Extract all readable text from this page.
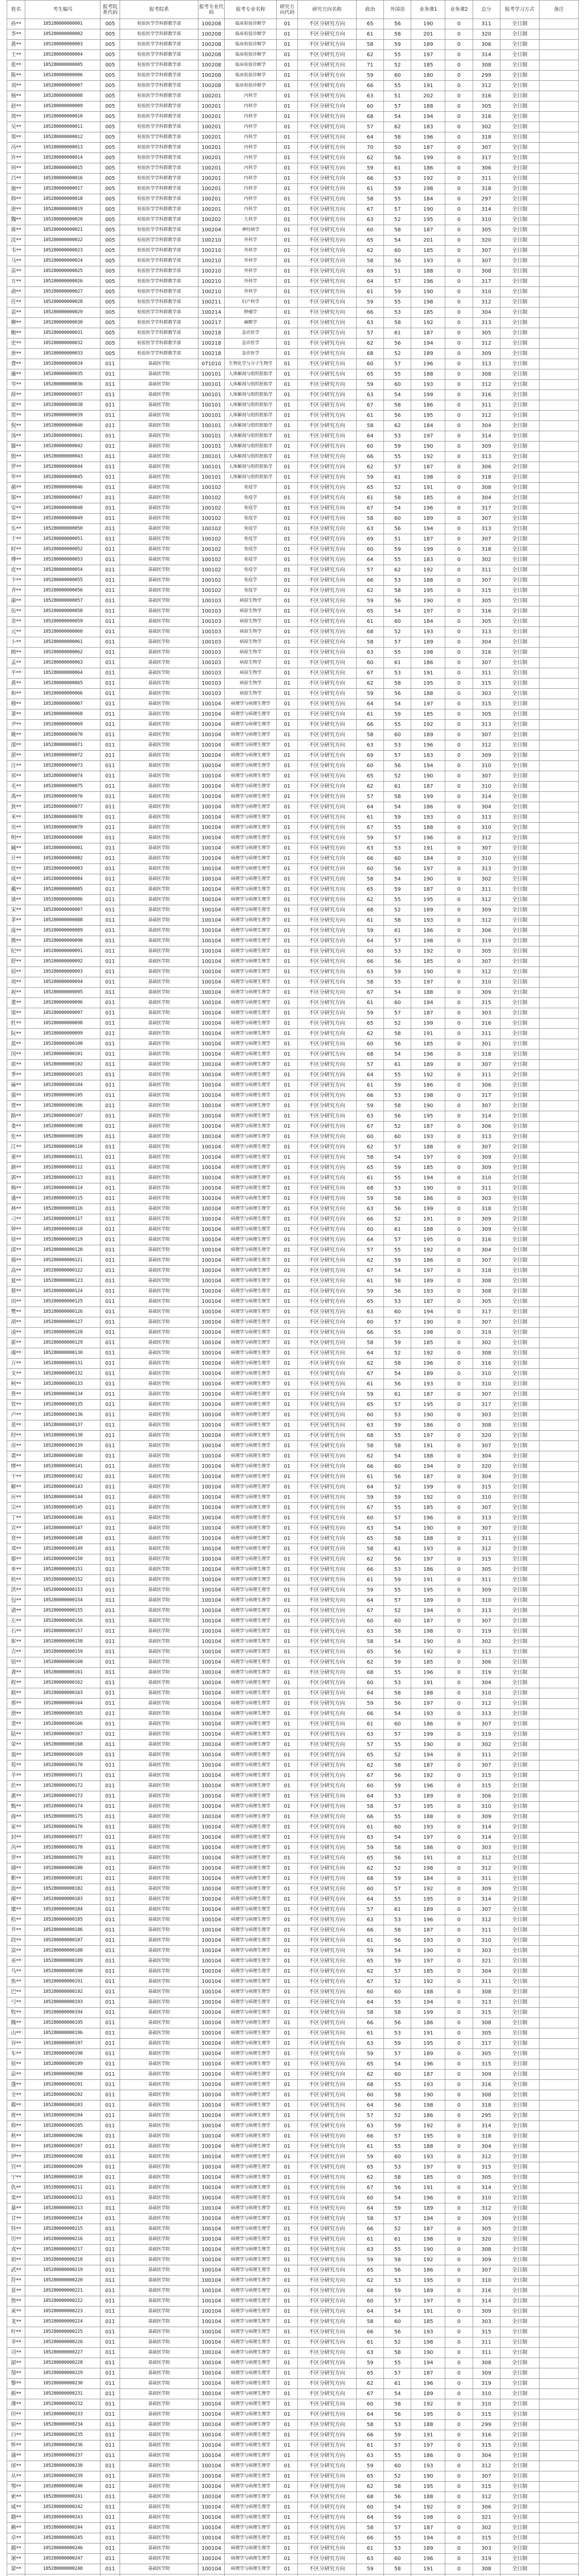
姓名	考生编号	报考院系代码	报考院系	报考专业代码	报考专业名称	研究方向代码	研究方向名称	政治	外国语	业务课1	业务课2	总分	报考学习方式	备注
孙**	105280000000001	005	检验医学学科群教学部	100208	临床检验诊断学	01	不区分研究方向	65	56	190	0	311	全日制	
李**	105280000000002	005	检验医学学科群教学部	100208	临床检验诊断学	01	不区分研究方向	61	58	201	0	320	全日制	
黄**	105280000000003	005	检验医学学科群教学部	100208	临床检验诊断学	01	不区分研究方向	58	59	189	0	306	全日制	
王**	105280000000004	005	检验医学学科群教学部	100208	临床检验诊断学	01	不区分研究方向	62	55	197	0	314	全日制	
张**	105280000000005	005	检验医学学科群教学部	100208	临床检验诊断学	01	不区分研究方向	71	52	185	0	308	全日制	
陈**	105280000000006	005	检验医学学科群教学部	100208	临床检验诊断学	01	不区分研究方向	59	60	180	0	299	全日制	
刘**	105280000000007	005	检验医学学科群教学部	100208	临床检验诊断学	01	不区分研究方向	66	55	191	0	312	全日制	
杨**	105280000000008	005	检验医学学科群教学部	100201	内科学	01	不区分研究方向	63	51	202	0	316	全日制	
赵**	105280000000009	005	检验医学学科群教学部	100201	内科学	01	不区分研究方向	60	57	188	0	305	全日制	
周**	105280000000010	005	检验医学学科群教学部	100201	内科学	01	不区分研究方向	68	54	194	0	316	全日制	
吴**	105280000000011	005	检验医学学科群教学部	100201	内科学	01	不区分研究方向	57	62	183	0	302	全日制	
郑**	105280000000012	005	检验医学学科群教学部	100201	内科学	01	不区分研究方向	64	58	196	0	318	全日制	
冯**	105280000000013	005	检验医学学科群教学部	100201	内科学	01	不区分研究方向	70	50	187	0	307	全日制	
许**	105280000000014	005	检验医学学科群教学部	100201	内科学	01	不区分研究方向	62	56	199	0	317	全日制	
何**	105280000000015	005	检验医学学科群教学部	100201	内科学	01	不区分研究方向	59	61	186	0	306	全日制	
吕**	105280000000016	005	检验医学学科群教学部	100201	内科学	01	不区分研究方向	66	53	192	0	311	全日制	
施**	105280000000017	005	检验医学学科群教学部	100201	内科学	01	不区分研究方向	61	59	198	0	318	全日制	
韩**	105280000000018	005	检验医学学科群教学部	100201	内科学	01	不区分研究方向	58	55	184	0	297	全日制	
唐**	105280000000019	005	检验医学学科群教学部	100201	内科学	01	不区分研究方向	67	57	190	0	314	全日制	
魏**	105280000000020	005	检验医学学科群教学部	100202	儿科学	01	不区分研究方向	63	52	195	0	310	全日制	
蒋**	105280000000021	005	检验医学学科群教学部	100204	神经病学	01	不区分研究方向	60	58	187	0	305	全日制	
沈**	105280000000022	005	检验医学学科群教学部	100210	外科学	01	不区分研究方向	65	54	201	0	320	全日制	
韦**	105280000000023	005	检验医学学科群教学部	100210	外科学	01	不区分研究方向	62	60	185	0	307	全日制	
马**	105280000000024	005	检验医学学科群教学部	100210	外科学	01	不区分研究方向	58	56	193	0	307	全日制	
苗**	105280000000025	005	检验医学学科群教学部	100210	外科学	01	不区分研究方向	69	51	188	0	308	全日制	
方**	105280000000026	005	检验医学学科群教学部	100210	外科学	01	不区分研究方向	64	57	196	0	317	全日制	
俞**	105280000000027	005	检验医学学科群教学部	100210	外科学	01	不区分研究方向	61	59	190	0	310	全日制	
任**	105280000000028	005	检验医学学科群教学部	100211	妇产科学	01	不区分研究方向	59	55	198	0	312	全日制	
袁**	105280000000029	005	检验医学学科群教学部	100214	肿瘤学	01	不区分研究方向	66	53	185	0	304	全日制	
柳**	105280000000030	005	检验医学学科群教学部	100217	麻醉学	01	不区分研究方向	63	58	192	0	313	全日制	
鲍**	105280000000031	005	检验医学学科群教学部	100218	急诊医学	01	不区分研究方向	57	61	187	0	305	全日制	
史**	105280000000032	005	检验医学学科群教学部	100218	急诊医学	01	不区分研究方向	62	56	194	0	312	全日制	
唐**	105280000000033	005	检验医学学科群教学部	100218	急诊医学	01	不区分研究方向	68	52	189	0	309	全日制	
费**	105280000000034	011	基础医学院	071010	生物化学与分子生物学	01	不区分研究方向	60	57	196	0	313	全日制	
廉**	105280000000035	011	基础医学院	100101	人体解剖与组织胚胎学	01	不区分研究方向	65	55	188	0	308	全日制	
岑**	105280000000036	011	基础医学院	100101	人体解剖与组织胚胎学	01	不区分研究方向	59	60	193	0	312	全日制	
薛**	105280000000037	011	基础医学院	100101	人体解剖与组织胚胎学	01	不区分研究方向	63	54	199	0	316	全日制	
雷**	105280000000038	011	基础医学院	100101	人体解剖与组织胚胎学	01	不区分研究方向	67	58	186	0	311	全日制	
贺**	105280000000039	011	基础医学院	100101	人体解剖与组织胚胎学	01	不区分研究方向	61	56	195	0	312	全日制	
倪**	105280000000040	011	基础医学院	100101	人体解剖与组织胚胎学	01	不区分研究方向	58	62	184	0	304	全日制	
汤**	105280000000041	011	基础医学院	100101	人体解剖与组织胚胎学	01	不区分研究方向	64	53	197	0	314	全日制	
滕**	105280000000042	011	基础医学院	100101	人体解剖与组织胚胎学	01	不区分研究方向	60	59	190	0	309	全日制	
殷**	105280000000043	011	基础医学院	100101	人体解剖与组织胚胎学	01	不区分研究方向	66	55	192	0	313	全日制	
罗**	105280000000044	011	基础医学院	100101	人体解剖与组织胚胎学	01	不区分研究方向	62	57	187	0	306	全日制	
毕**	105280000000045	011	基础医学院	100101	人体解剖与组织胚胎学	01	不区分研究方向	59	61	198	0	318	全日制	
郝**	105280000000046	011	基础医学院	100102	免疫学	01	不区分研究方向	65	52	191	0	308	全日制	
邬**	105280000000047	011	基础医学院	100102	免疫学	01	不区分研究方向	61	58	185	0	304	全日制	
安**	105280000000048	011	基础医学院	100102	免疫学	01	不区分研究方向	67	54	196	0	317	全日制	
常**	105280000000049	011	基础医学院	100102	免疫学	01	不区分研究方向	58	60	189	0	307	全日制	
乐**	105280000000050	011	基础医学院	100102	免疫学	01	不区分研究方向	63	56	194	0	313	全日制	
于**	105280000000051	011	基础医学院	100102	免疫学	01	不区分研究方向	69	51	187	0	307	全日制	
时**	105280000000052	011	基础医学院	100102	免疫学	01	不区分研究方向	60	59	199	0	318	全日制	
傅**	105280000000053	011	基础医学院	100102	免疫学	01	不区分研究方向	64	55	183	0	302	全日制	
皮**	105280000000054	011	基础医学院	100102	免疫学	01	不区分研究方向	57	62	192	0	311	全日制	
卞**	105280000000055	011	基础医学院	100102	免疫学	01	不区分研究方向	66	53	188	0	307	全日制	
齐**	105280000000056	011	基础医学院	100102	免疫学	01	不区分研究方向	62	58	195	0	315	全日制	
康**	105280000000057	011	基础医学院	100103	病原生物学	01	不区分研究方向	59	56	190	0	305	全日制	
伍**	105280000000058	011	基础医学院	100103	病原生物学	01	不区分研究方向	65	54	197	0	316	全日制	
余**	105280000000059	011	基础医学院	100103	病原生物学	01	不区分研究方向	61	60	184	0	305	全日制	
元**	105280000000060	011	基础医学院	100103	病原生物学	01	不区分研究方向	68	52	193	0	313	全日制	
卜**	105280000000061	011	基础医学院	100103	病原生物学	01	不区分研究方向	58	57	189	0	304	全日制	
顾**	105280000000062	011	基础医学院	100103	病原生物学	01	不区分研究方向	63	55	198	0	316	全日制	
孟**	105280000000063	011	基础医学院	100103	病原生物学	01	不区分研究方向	60	61	186	0	307	全日制	
平**	105280000000064	011	基础医学院	100103	病原生物学	01	不区分研究方向	67	53	191	0	311	全日制	
黄**	105280000000065	011	基础医学院	100103	病原生物学	01	不区分研究方向	62	58	195	0	315	全日制	
和**	105280000000066	011	基础医学院	100103	病原生物学	01	不区分研究方向	59	56	188	0	303	全日制	
穆**	105280000000067	011	基础医学院	100104	病理学与病理生理学	01	不区分研究方向	64	54	197	0	315	全日制	
萧**	105280000000068	011	基础医学院	100104	病理学与病理生理学	01	不区分研究方向	61	59	185	0	305	全日制	
尹**	105280000000069	011	基础医学院	100104	病理学与病理生理学	01	不区分研究方向	66	55	192	0	313	全日制	
姚**	105280000000070	011	基础医学院	100104	病理学与病理生理学	01	不区分研究方向	58	60	189	0	307	全日制	
邵**	105280000000071	011	基础医学院	100104	病理学与病理生理学	01	不区分研究方向	63	53	196	0	312	全日制	
湛**	105280000000072	011	基础医学院	100104	病理学与病理生理学	01	不区分研究方向	69	57	183	0	309	全日制	
汪**	105280000000073	011	基础医学院	100104	病理学与病理生理学	01	不区分研究方向	60	56	194	0	310	全日制	
祁**	105280000000074	011	基础医学院	100104	病理学与病理生理学	01	不区分研究方向	65	52	190	0	307	全日制	
毛**	105280000000075	011	基础医学院	100104	病理学与病理生理学	01	不区分研究方向	62	61	187	0	310	全日制	
禹**	105280000000076	011	基础医学院	100104	病理学与病理生理学	01	不区分研究方向	57	58	199	0	314	全日制	
狄**	105280000000077	011	基础医学院	100104	病理学与病理生理学	01	不区分研究方向	64	54	186	0	304	全日制	
米**	105280000000078	011	基础医学院	100104	病理学与病理生理学	01	不区分研究方向	61	59	193	0	313	全日制	
贝**	105280000000079	011	基础医学院	100104	病理学与病理生理学	01	不区分研究方向	67	55	188	0	310	全日制	
明**	105280000000080	011	基础医学院	100104	病理学与病理生理学	01	不区分研究方向	59	57	196	0	312	全日制	
臧**	105280000000081	011	基础医学院	100104	病理学与病理生理学	01	不区分研究方向	63	53	191	0	307	全日制	
计**	105280000000082	011	基础医学院	100104	病理学与病理生理学	01	不区分研究方向	66	60	184	0	310	全日制	
伏**	105280000000083	011	基础医学院	100104	病理学与病理生理学	01	不区分研究方向	60	56	197	0	313	全日制	
成**	105280000000084	011	基础医学院	100104	病理学与病理生理学	01	不区分研究方向	58	54	190	0	302	全日制	
戴**	105280000000085	011	基础医学院	100104	病理学与病理生理学	01	不区分研究方向	65	59	187	0	311	全日制	
谈**	105280000000086	011	基础医学院	100104	病理学与病理生理学	01	不区分研究方向	62	55	195	0	312	全日制	
宋**	105280000000087	011	基础医学院	100104	病理学与病理生理学	01	不区分研究方向	68	52	189	0	309	全日制	
茅**	105280000000088	011	基础医学院	100104	病理学与病理生理学	01	不区分研究方向	61	58	193	0	312	全日制	
庞**	105280000000089	011	基础医学院	100104	病理学与病理生理学	01	不区分研究方向	59	61	186	0	306	全日制	
熊**	105280000000090	011	基础医学院	100104	病理学与病理生理学	01	不区分研究方向	64	57	198	0	319	全日制	
纪**	105280000000091	011	基础医学院	100104	病理学与病理生理学	01	不区分研究方向	60	53	192	0	305	全日制	
舒**	105280000000092	011	基础医学院	100104	病理学与病理生理学	01	不区分研究方向	66	56	185	0	307	全日制	
屈**	105280000000093	011	基础医学院	100104	病理学与病理生理学	01	不区分研究方向	63	59	190	0	312	全日制	
项**	105280000000094	011	基础医学院	100104	病理学与病理生理学	01	不区分研究方向	58	55	197	0	310	全日制	
祝**	105280000000095	011	基础医学院	100104	病理学与病理生理学	01	不区分研究方向	67	54	188	0	309	全日制	
董**	105280000000096	011	基础医学院	100104	病理学与病理生理学	01	不区分研究方向	61	60	194	0	315	全日制	
梁**	105280000000097	011	基础医学院	100104	病理学与病理生理学	01	不区分研究方向	59	57	187	0	303	全日制	
杜**	105280000000098	011	基础医学院	100104	病理学与病理生理学	01	不区分研究方向	65	52	199	0	316	全日制	
阮**	105280000000099	011	基础医学院	100104	病理学与病理生理学	01	不区分研究方向	62	58	191	0	311	全日制	
蓝**	105280000000100	011	基础医学院	100104	病理学与病理生理学	01	不区分研究方向	60	56	185	0	301	全日制	
闵**	105280000000101	011	基础医学院	100104	病理学与病理生理学	01	不区分研究方向	68	54	196	0	318	全日制	
席**	105280000000102	011	基础医学院	100104	病理学与病理生理学	01	不区分研究方向	57	61	189	0	307	全日制	
季**	105280000000103	011	基础医学院	100104	病理学与病理生理学	01	不区分研究方向	64	55	192	0	311	全日制	
麻**	105280000000104	011	基础医学院	100104	病理学与病理生理学	01	不区分研究方向	61	59	186	0	306	全日制	
强**	105280000000105	011	基础医学院	100104	病理学与病理生理学	01	不区分研究方向	66	53	198	0	317	全日制	
贾**	105280000000106	011	基础医学院	100104	病理学与病理生理学	01	不区分研究方向	59	58	190	0	307	全日制	
路**	105280000000107	011	基础医学院	100104	病理学与病理生理学	01	不区分研究方向	63	56	195	0	314	全日制	
娄**	105280000000108	011	基础医学院	100104	病理学与病理生理学	01	不区分研究方向	67	52	187	0	306	全日制	
危**	105280000000109	011	基础医学院	100104	病理学与病理生理学	01	不区分研究方向	60	60	193	0	313	全日制	
江**	105280000000110	011	基础医学院	100104	病理学与病理生理学	01	不区分研究方向	62	57	188	0	307	全日制	
童**	105280000000111	011	基础医学院	100104	病理学与病理生理学	01	不区分研究方向	58	54	197	0	309	全日制	
颜**	105280000000112	011	基础医学院	100104	病理学与病理生理学	01	不区分研究方向	65	59	185	0	309	全日制	
郭**	105280000000113	011	基础医学院	100104	病理学与病理生理学	01	不区分研究方向	61	55	194	0	310	全日制	
梅**	105280000000114	011	基础医学院	100104	病理学与病理生理学	01	不区分研究方向	68	53	190	0	311	全日制	
盛**	105280000000115	011	基础医学院	100104	病理学与病理生理学	01	不区分研究方向	59	58	186	0	303	全日制	
林**	105280000000116	011	基础医学院	100104	病理学与病理生理学	01	不区分研究方向	63	56	199	0	318	全日制	
刁**	105280000000117	011	基础医学院	100104	病理学与病理生理学	01	不区分研究方向	66	52	191	0	309	全日制	
钟**	105280000000118	011	基础医学院	100104	病理学与病理生理学	01	不区分研究方向	60	61	188	0	309	全日制	
徐**	105280000000119	011	基础医学院	100104	病理学与病理生理学	01	不区分研究方向	64	57	195	0	316	全日制	
邱**	105280000000120	011	基础医学院	100104	病理学与病理生理学	01	不区分研究方向	57	55	192	0	304	全日制	
骆**	105280000000121	011	基础医学院	100104	病理学与病理生理学	01	不区分研究方向	62	59	186	0	307	全日制	
高**	105280000000122	011	基础医学院	100104	病理学与病理生理学	01	不区分研究方向	67	54	197	0	318	全日制	
夏**	105280000000123	011	基础医学院	100104	病理学与病理生理学	01	不区分研究方向	61	58	189	0	308	全日制	
蔡**	105280000000124	011	基础医学院	100104	病理学与病理生理学	01	不区分研究方向	59	56	193	0	308	全日制	
田**	105280000000125	011	基础医学院	100104	病理学与病理生理学	01	不区分研究方向	65	53	187	0	305	全日制	
樊**	105280000000126	011	基础医学院	100104	病理学与病理生理学	01	不区分研究方向	63	60	194	0	317	全日制	
胡**	105280000000127	011	基础医学院	100104	病理学与病理生理学	01	不区分研究方向	60	57	190	0	307	全日制	
凌**	105280000000128	011	基础医学院	100104	病理学与病理生理学	01	不区分研究方向	66	55	198	0	319	全日制	
霍**	105280000000129	011	基础医学院	100104	病理学与病理生理学	01	不区分研究方向	58	59	185	0	302	全日制	
虞**	105280000000130	011	基础医学院	100104	病理学与病理生理学	01	不区分研究方向	64	52	192	0	308	全日制	
万**	105280000000131	011	基础医学院	100104	病理学与病理生理学	01	不区分研究方向	62	58	196	0	316	全日制	
支**	105280000000132	011	基础医学院	100104	病理学与病理生理学	01	不区分研究方向	67	54	189	0	310	全日制	
柯**	105280000000133	011	基础医学院	100104	病理学与病理生理学	01	不区分研究方向	61	56	193	0	310	全日制	
昝**	105280000000134	011	基础医学院	100104	病理学与病理生理学	01	不区分研究方向	59	61	187	0	307	全日制	
管**	105280000000135	011	基础医学院	100104	病理学与病理生理学	01	不区分研究方向	65	57	195	0	317	全日制	
卢**	105280000000136	011	基础医学院	100104	病理学与病理生理学	01	不区分研究方向	60	53	190	0	303	全日制	
莫**	105280000000137	011	基础医学院	100104	病理学与病理生理学	01	不区分研究方向	63	59	186	0	308	全日制	
经**	105280000000138	011	基础医学院	100104	病理学与病理生理学	01	不区分研究方向	68	55	197	0	320	全日制	
房**	105280000000139	011	基础医学院	100104	病理学与病理生理学	01	不区分研究方向	58	58	191	0	307	全日制	
裘**	105280000000140	011	基础医学院	100104	病理学与病理生理学	01	不区分研究方向	62	54	188	0	304	全日制	
缪**	105280000000141	011	基础医学院	100104	病理学与病理生理学	01	不区分研究方向	66	60	194	0	320	全日制	
干**	105280000000142	011	基础医学院	100104	病理学与病理生理学	01	不区分研究方向	61	56	187	0	304	全日制	
解**	105280000000143	011	基础医学院	100104	病理学与病理生理学	01	不区分研究方向	64	52	199	0	315	全日制	
应**	105280000000144	011	基础医学院	100104	病理学与病理生理学	01	不区分研究方向	59	59	192	0	310	全日制	
宗**	105280000000145	011	基础医学院	100104	病理学与病理生理学	01	不区分研究方向	67	55	185	0	307	全日制	
丁**	105280000000146	011	基础医学院	100104	病理学与病理生理学	01	不区分研究方向	60	57	196	0	313	全日制	
宣**	105280000000147	011	基础医学院	100104	病理学与病理生理学	01	不区分研究方向	63	54	190	0	307	全日制	
贲**	105280000000148	011	基础医学院	100104	病理学与病理生理学	01	不区分研究方向	65	58	188	0	311	全日制	
邓**	105280000000149	011	基础医学院	100104	病理学与病理生理学	01	不区分研究方向	58	61	193	0	312	全日制	
郁**	105280000000150	011	基础医学院	100104	病理学与病理生理学	01	不区分研究方向	62	56	197	0	315	全日制	
单**	105280000000151	011	基础医学院	100104	病理学与病理生理学	01	不区分研究方向	66	53	186	0	305	全日制	
杭**	105280000000152	011	基础医学院	100104	病理学与病理生理学	01	不区分研究方向	61	59	191	0	311	全日制	
洪**	105280000000153	011	基础医学院	100104	病理学与病理生理学	01	不区分研究方向	59	55	195	0	309	全日制	
包**	105280000000154	011	基础医学院	100104	病理学与病理生理学	01	不区分研究方向	64	57	189	0	310	全日制	
诸**	105280000000155	011	基础医学院	100104	病理学与病理生理学	01	不区分研究方向	67	52	194	0	313	全日制	
左**	105280000000156	011	基础医学院	100104	病理学与病理生理学	01	不区分研究方向	60	60	187	0	307	全日制	
石**	105280000000157	011	基础医学院	100104	病理学与病理生理学	01	不区分研究方向	63	58	198	0	319	全日制	
崔**	105280000000158	011	基础医学院	100104	病理学与病理生理学	01	不区分研究方向	58	54	190	0	302	全日制	
吉**	105280000000159	011	基础医学院	100104	病理学与病理生理学	01	不区分研究方向	65	56	192	0	313	全日制	
钮**	105280000000160	011	基础医学院	100104	病理学与病理生理学	01	不区分研究方向	62	59	185	0	306	全日制	
龚**	105280000000161	011	基础医学院	100104	病理学与病理生理学	01	不区分研究方向	68	55	196	0	319	全日制	
程**	105280000000162	011	基础医学院	100104	病理学与病理生理学	01	不区分研究方向	60	53	191	0	304	全日制	
嵇**	105280000000163	011	基础医学院	100104	病理学与病理生理学	01	不区分研究方向	64	58	188	0	310	全日制	
邢**	105280000000164	011	基础医学院	100104	病理学与病理生理学	01	不区分研究方向	59	56	197	0	312	全日制	
滑**	105280000000165	011	基础医学院	100104	病理学与病理生理学	01	不区分研究方向	66	54	193	0	313	全日制	
裴**	105280000000166	011	基础医学院	100104	病理学与病理生理学	01	不区分研究方向	61	60	186	0	307	全日制	
陆**	105280000000167	011	基础医学院	100104	病理学与病理生理学	01	不区分研究方向	63	57	199	0	319	全日制	
荣**	105280000000168	011	基础医学院	100104	病理学与病理生理学	01	不区分研究方向	57	55	190	0	302	全日制	
翁**	105280000000169	011	基础医学院	100104	病理学与病理生理学	01	不区分研究方向	65	52	194	0	311	全日制	
荀**	105280000000170	011	基础医学院	100104	病理学与病理生理学	01	不区分研究方向	62	58	187	0	307	全日制	
羊**	105280000000171	011	基础医学院	100104	病理学与病理生理学	01	不区分研究方向	67	56	192	0	315	全日制	
於**	105280000000172	011	基础医学院	100104	病理学与病理生理学	01	不区分研究方向	60	59	196	0	315	全日制	
惠**	105280000000173	011	基础医学院	100104	病理学与病理生理学	01	不区分研究方向	64	53	189	0	306	全日制	
甄**	105280000000174	011	基础医学院	100104	病理学与病理生理学	01	不区分研究方向	58	57	195	0	310	全日制	
曲**	105280000000175	011	基础医学院	100104	病理学与病理生理学	01	不区分研究方向	66	55	188	0	309	全日制	
家**	105280000000176	011	基础医学院	100104	病理学与病理生理学	01	不区分研究方向	61	60	193	0	314	全日制	
封**	105280000000177	011	基础医学院	100104	病理学与病理生理学	01	不区分研究方向	63	54	197	0	314	全日制	
芮**	105280000000178	011	基础医学院	100104	病理学与病理生理学	01	不区分研究方向	59	58	186	0	303	全日制	
羿**	105280000000179	011	基础医学院	100104	病理学与病理生理学	01	不区分研究方向	65	56	191	0	312	全日制	
储**	105280000000180	011	基础医学院	100104	病理学与病理生理学	01	不区分研究方向	62	52	198	0	312	全日制	
靳**	105280000000181	011	基础医学院	100104	病理学与病理生理学	01	不区分研究方向	68	59	184	0	311	全日制	
汲**	105280000000182	011	基础医学院	100104	病理学与病理生理学	01	不区分研究方向	60	57	192	0	309	全日制	
邴**	105280000000183	011	基础医学院	100104	病理学与病理生理学	01	不区分研究方向	64	55	195	0	314	全日制	
糜**	105280000000184	011	基础医学院	100104	病理学与病理生理学	01	不区分研究方向	57	61	189	0	307	全日制	
松**	105280000000185	011	基础医学院	100104	病理学与病理生理学	01	不区分研究方向	63	53	196	0	312	全日制	
井**	105280000000186	011	基础医学院	100104	病理学与病理生理学	01	不区分研究方向	66	58	187	0	311	全日制	
段**	105280000000187	011	基础医学院	100104	病理学与病理生理学	01	不区分研究方向	61	56	193	0	310	全日制	
富**	105280000000188	011	基础医学院	100104	病理学与病理生理学	01	不区分研究方向	59	54	190	0	303	全日制	
巫**	105280000000189	011	基础医学院	100104	病理学与病理生理学	01	不区分研究方向	65	59	197	0	321	全日制	
乌**	105280000000190	011	基础医学院	100104	病理学与病理生理学	01	不区分研究方向	62	57	185	0	304	全日制	
焦**	105280000000191	011	基础医学院	100104	病理学与病理生理学	01	不区分研究方向	67	52	192	0	311	全日制	
巴**	105280000000192	011	基础医学院	100104	病理学与病理生理学	01	不区分研究方向	60	60	188	0	308	全日制	
弓**	105280000000193	011	基础医学院	100104	病理学与病理生理学	01	不区分研究方向	64	55	194	0	313	全日制	
牧**	105280000000194	011	基础医学院	100104	病理学与病理生理学	01	不区分研究方向	58	58	199	0	315	全日制	
隗**	105280000000195	011	基础医学院	100104	病理学与病理生理学	01	不区分研究方向	66	56	186	0	308	全日制	
山**	105280000000196	011	基础医学院	100104	病理学与病理生理学	01	不区分研究方向	61	53	191	0	305	全日制	
谷**	105280000000197	011	基础医学院	100104	病理学与病理生理学	01	不区分研究方向	63	59	195	0	317	全日制	
车**	105280000000198	011	基础医学院	100104	病理学与病理生理学	01	不区分研究方向	59	57	189	0	305	全日制	
侯**	105280000000199	011	基础医学院	100104	病理学与病理生理学	01	不区分研究方向	65	54	196	0	315	全日制	
宓**	105280000000200	011	基础医学院	100104	病理学与病理生理学	01	不区分研究方向	62	60	187	0	309	全日制	
蓬**	105280000000201	011	基础医学院	100104	病理学与病理生理学	01	不区分研究方向	68	55	193	0	316	全日制	
全**	105280000000202	011	基础医学院	100104	病理学与病理生理学	01	不区分研究方向	60	58	190	0	308	全日制	
郗**	105280000000203	011	基础医学院	100104	病理学与病理生理学	01	不区分研究方向	64	56	198	0	318	全日制	
班**	105280000000204	011	基础医学院	100104	病理学与病理生理学	01	不区分研究方向	57	52	186	0	295	全日制	
仰**	105280000000205	011	基础医学院	100104	病理学与病理生理学	01	不区分研究方向	63	59	192	0	314	全日制	
秋**	105280000000206	011	基础医学院	100104	病理学与病理生理学	01	不区分研究方向	66	57	195	0	318	全日制	
仲**	105280000000207	011	基础医学院	100104	病理学与病理生理学	01	不区分研究方向	61	55	188	0	304	全日制	
伊**	105280000000208	011	基础医学院	100104	病理学与病理生理学	01	不区分研究方向	59	60	193	0	312	全日制	
宫**	105280000000209	011	基础医学院	100104	病理学与病理生理学	01	不区分研究方向	65	53	197	0	315	全日制	
宁**	105280000000210	011	基础医学院	100104	病理学与病理生理学	01	不区分研究方向	62	58	185	0	305	全日制	
仇**	105280000000211	011	基础医学院	100104	病理学与病理生理学	01	不区分研究方向	67	56	191	0	314	全日制	
栾**	105280000000212	011	基础医学院	100104	病理学与病理生理学	01	不区分研究方向	60	54	196	0	310	全日制	
暴**	105280000000213	011	基础医学院	100104	病理学与病理生理学	01	不区分研究方向	64	59	189	0	312	全日制	
甘**	105280000000214	011	基础医学院	100104	病理学与病理生理学	01	不区分研究方向	58	57	194	0	309	全日制	
钭**	105280000000215	011	基础医学院	100104	病理学与病理生理学	01	不区分研究方向	66	52	187	0	305	全日制	
厉**	105280000000216	011	基础医学院	100104	病理学与病理生理学	01	不区分研究方向	61	61	198	0	320	全日制	
戎**	105280000000217	011	基础医学院	100104	病理学与病理生理学	01	不区分研究方向	63	55	190	0	308	全日制	
祖**	105280000000218	011	基础医学院	100104	病理学与病理生理学	01	不区分研究方向	59	58	192	0	309	全日制	
武**	105280000000219	011	基础医学院	100104	病理学与病理生理学	01	不区分研究方向	65	56	186	0	307	全日制	
符**	105280000000220	011	基础医学院	100104	病理学与病理生理学	01	不区分研究方向	62	53	195	0	310	全日制	
景**	105280000000221	011	基础医学院	100104	病理学与病理生理学	01	不区分研究方向	68	59	189	0	316	全日制	
詹**	105280000000222	011	基础医学院	100104	病理学与病理生理学	01	不区分研究方向	60	57	197	0	314	全日制	
束**	105280000000223	011	基础医学院	100104	病理学与病理生理学	01	不区分研究方向	64	54	191	0	309	全日制	
龙**	105280000000224	011	基础医学院	100104	病理学与病理生理学	01	不区分研究方向	58	60	185	0	303	全日制	
叶**	105280000000225	011	基础医学院	100104	病理学与病理生理学	01	不区分研究方向	66	56	193	0	315	全日制	
幸**	105280000000226	011	基础医学院	100104	病理学与病理生理学	01	不区分研究方向	61	52	198	0	311	全日制	
司**	105280000000227	011	基础医学院	100104	病理学与病理生理学	01	不区分研究方向	63	58	190	0	311	全日制	
韶**	105280000000228	011	基础医学院	100104	病理学与病理生理学	01	不区分研究方向	59	55	194	0	308	全日制	
郜**	105280000000229	011	基础医学院	100104	病理学与病理生理学	01	不区分研究方向	65	57	187	0	309	全日制	
黎**	105280000000230	011	基础医学院	100104	病理学与病理生理学	01	不区分研究方向	62	61	196	0	319	全日制	
蓟**	105280000000231	011	基础医学院	100104	病理学与病理生理学	01	不区分研究方向	67	54	189	0	310	全日制	
薄**	105280000000232	011	基础医学院	100104	病理学与病理生理学	01	不区分研究方向	60	58	192	0	310	全日制	
印**	105280000000233	011	基础医学院	100104	病理学与病理生理学	01	不区分研究方向	64	56	195	0	315	全日制	
宿**	105280000000234	011	基础医学院	100104	病理学与病理生理学	01	不区分研究方向	58	53	188	0	299	全日制	
白**	105280000000235	011	基础医学院	100104	病理学与病理生理学	01	不区分研究方向	66	59	191	0	316	全日制	
怀**	105280000000236	011	基础医学院	100104	病理学与病理生理学	01	不区分研究方向	61	57	197	0	315	全日制	
蒲**	105280000000237	011	基础医学院	100104	病理学与病理生理学	01	不区分研究方向	63	55	186	0	304	全日制	
邰**	105280000000238	011	基础医学院	100104	病理学与病理生理学	01	不区分研究方向	59	60	193	0	312	全日制	
从**	105280000000239	011	基础医学院	100104	病理学与病理生理学	01	不区分研究方向	65	52	190	0	307	全日制	
鄂**	105280000000240	011	基础医学院	100104	病理学与病理生理学	01	不区分研究方向	62	58	195	0	315	全日制	
索**	105280000000241	011	基础医学院	100104	病理学与病理生理学	01	不区分研究方向	68	56	188	0	312	全日制	
咸**	105280000000242	011	基础医学院	100104	病理学与病理生理学	01	不区分研究方向	60	54	192	0	306	全日制	
籍**	105280000000243	011	基础医学院	100104	病理学与病理生理学	01	不区分研究方向	64	59	198	0	321	全日制	
赖**	105280000000244	011	基础医学院	100104	病理学与病理生理学	01	不区分研究方向	58	57	187	0	302	全日制	
卓**	105280000000245	011	基础医学院	100104	病理学与病理生理学	01	不区分研究方向	66	55	194	0	315	全日制	
蔺**	105280000000246	011	基础医学院	100104	病理学与病理生理学	01	不区分研究方向	61	53	189	0	303	全日制	
屠**	105280000000247	011	基础医学院	100104	病理学与病理生理学	01	不区分研究方向	63	60	196	0	319	全日制	
蒙**	105280000000248	011	基础医学院	100104	病理学与病理生理学	01	不区分研究方向	59	58	191	0	308	全日制	
